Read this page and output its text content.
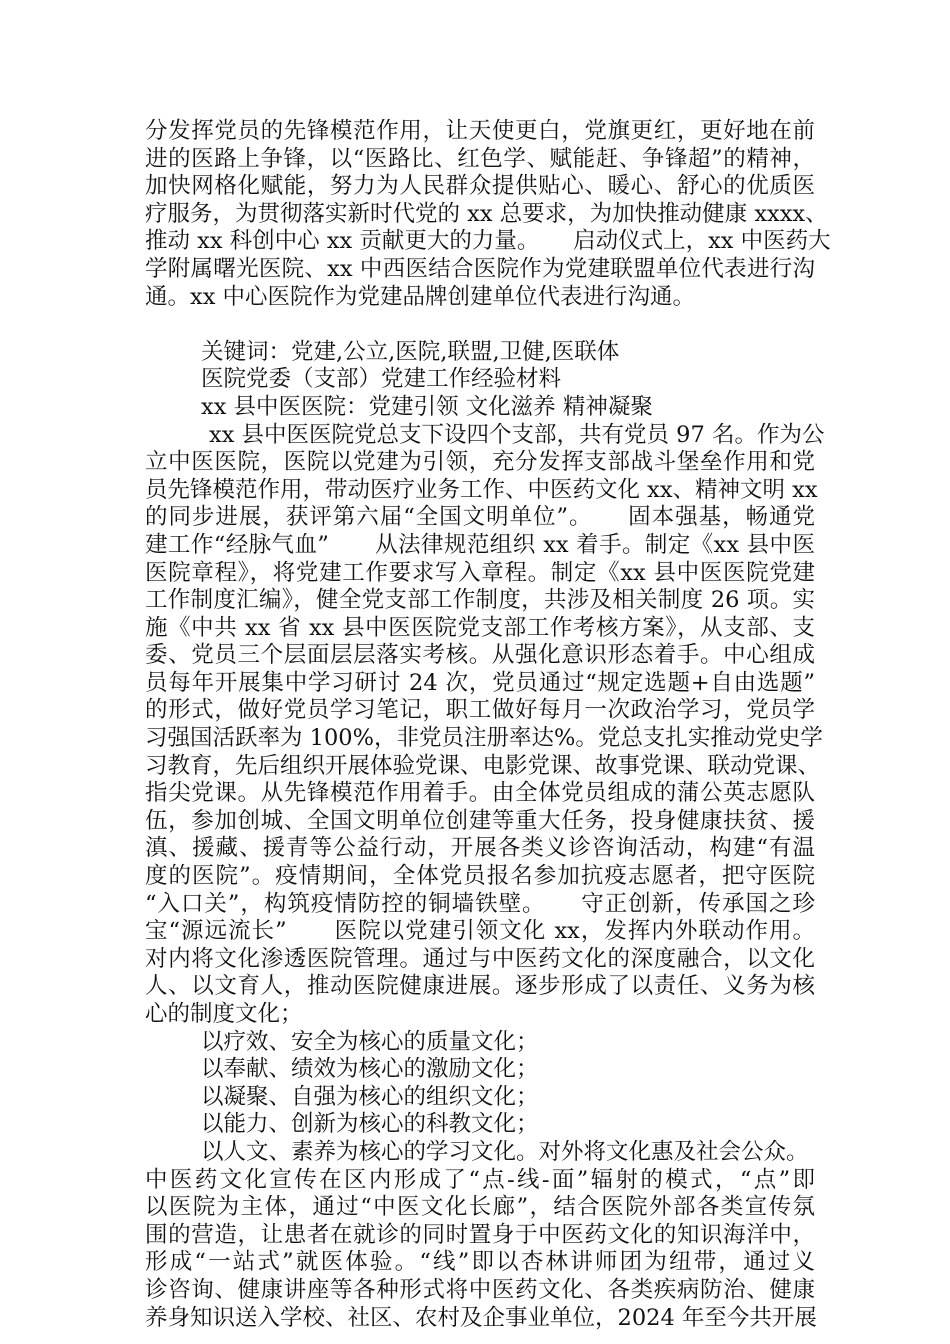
分发挥党员的先锋模范作用，让天使更白，党旗更红，更好地在前
进的医路上争锋，以“医路比、红色学、赋能赶、争锋超”的精神，
加快网格化赋能，努力为人民群众提供贴心、暖心、舒心的优质医
疗服务，为贯彻落实新时代党的 xx 总要求，为加快推动健康 xxxx、
推动 xx 科创中心 xx 贡献更大的力量。　　启动仪式上，xx 中医药大
学附属曙光医院、xx 中西医结合医院作为党建联盟单位代表进行沟
通。xx 中心医院作为党建品牌创建单位代表进行沟通。
关键词：党建,公立,医院,联盟,卫健,医联体
医院党委（支部）党建工作经验材料
xx 县中医医院：党建引领 文化滋养 精神凝聚
xx 县中医医院党总支下设四个支部，共有党员 97 名。作为公
立中医医院，医院以党建为引领，充分发挥支部战斗堡垒作用和党
员先锋模范作用，带动医疗业务工作、中医药文化 xx、精神文明 xx
的同步进展，获评第六届“全国文明单位”。　　固本强基，畅通党
建工作“经脉气血”　　从法律规范组织 xx 着手。制定《xx 县中医
医院章程》，将党建工作要求写入章程。制定《xx 县中医医院党建
工作制度汇编》，健全党支部工作制度，共涉及相关制度 26 项。实
施《中共 xx 省 xx 县中医医院党支部工作考核方案》，从支部、支
委、党员三个层面层层落实考核。从强化意识形态着手。中心组成
员每年开展集中学习研讨 24 次，党员通过“规定选题+自由选题”
的形式，做好党员学习笔记，职工做好每月一次政治学习，党员学
习强国活跃率为 100%，非党员注册率达%。党总支扎实推动党史学
习教育，先后组织开展体验党课、电影党课、故事党课、联动党课、
指尖党课。从先锋模范作用着手。由全体党员组成的蒲公英志愿队
伍，参加创城、全国文明单位创建等重大任务，投身健康扶贫、援
滇、援藏、援青等公益行动，开展各类义诊咨询活动，构建“有温
度的医院”。疫情期间，全体党员报名参加抗疫志愿者，把守医院
“入口关”，构筑疫情防控的铜墙铁壁。　　守正创新，传承国之珍
宝“源远流长”　　医院以党建引领文化 xx，发挥内外联动作用。
对内将文化渗透医院管理。通过与中医药文化的深度融合，以文化
人、以文育人，推动医院健康进展。逐步形成了以责任、义务为核
心的制度文化；
以疗效、安全为核心的质量文化；
以奉献、绩效为核心的激励文化；
以凝聚、自强为核心的组织文化；
以能力、创新为核心的科教文化；
以人文、素养为核心的学习文化。对外将文化惠及社会公众。
中医药文化宣传在区内形成了“点-线-面”辐射的模式，“点”即
以医院为主体，通过“中医文化长廊”，结合医院外部各类宣传氛
围的营造，让患者在就诊的同时置身于中医药文化的知识海洋中，
形成“一站式”就医体验。“线”即以杏林讲师团为纽带，通过义
诊咨询、健康讲座等各种形式将中医药文化、各类疾病防治、健康
养身知识送入学校、社区、农村及企事业单位，2024 年至今共开展
